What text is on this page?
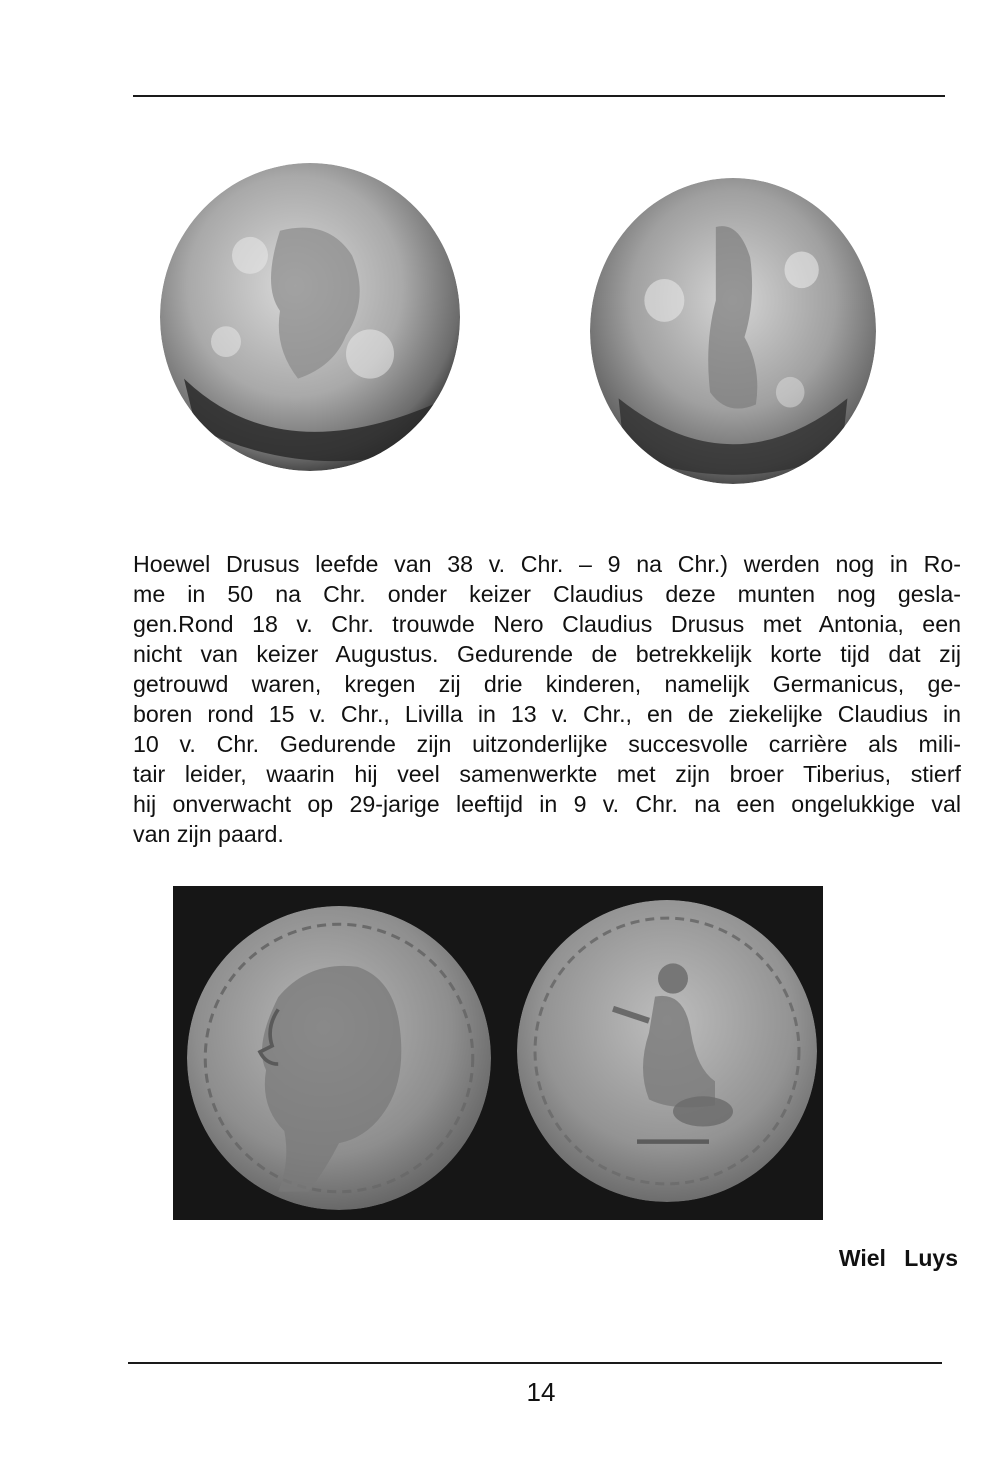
Hoewel Drusus leefde van 38 v. Chr. – 9 na Chr.) werden nog in Ro-
me in 50 na Chr. onder keizer Claudius deze munten nog gesla-
gen.Rond 18 v. Chr. trouwde Nero Claudius Drusus met Antonia, een
nicht van keizer Augustus. Gedurende de betrekkelijk korte tijd dat zij
getrouwd waren, kregen zij drie kinderen, namelijk Germanicus, ge-
boren rond 15 v. Chr., Livilla in 13 v. Chr., en de ziekelijke Claudius in
10 v. Chr. Gedurende zijn uitzonderlijke succesvolle carrière als mili-
tair leider, waarin hij veel samenwerkte met zijn broer Tiberius, stierf
hij onverwacht op 29-jarige leeftijd in 9 v. Chr. na een ongelukkige val
van zijn paard.

Wiel Luys
14
